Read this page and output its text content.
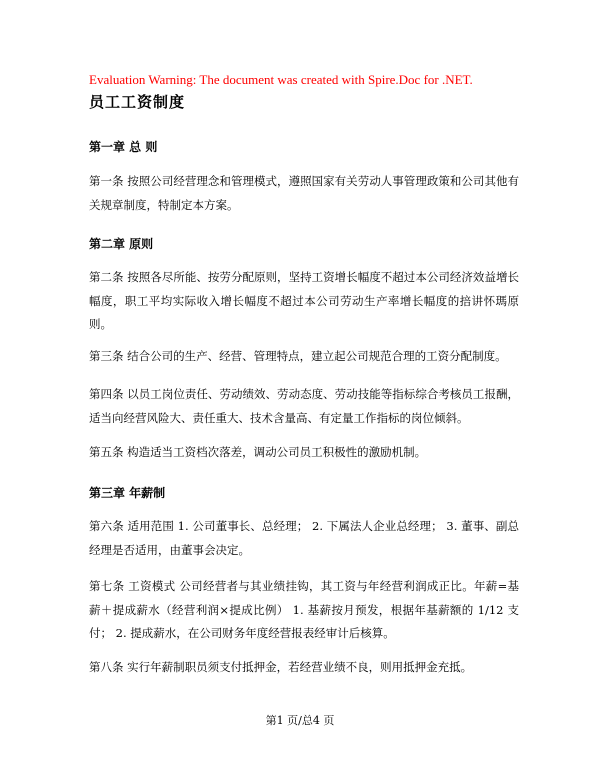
Evaluation Warning: The document was created with Spire.Doc for .NET.
员工工资制度
第一章 总 则

第一条 按照公司经营理念和管理模式，遵照国家有关劳动人事管理政策和公司其他有关规章制度，特制定本方案。

第二章 原则

第二条 按照各尽所能、按劳分配原则，坚持工资增长幅度不超过本公司经济效益增长幅度，职工平均实际收入增长幅度不超过本公司劳动生产率增长幅度的掊讲怀瑪原则。

第三条 结合公司的生产、经营、管理特点，建立起公司规范合理的工资分配制度。

第四条 以员工岗位责任、劳动绩效、劳动态度、劳动技能等指标综合考核员工报酬，适当向经营风险大、责任重大、技术含量高、有定量工作指标的岗位倾斜。

第五条 构造适当工资档次落差，调动公司员工积极性的激励机制。

第三章 年薪制

第六条 适用范围 1. 公司董事长、总经理； 2. 下属法人企业总经理； 3. 董事、副总经理是否适用，由董事会决定。

第七条 工资模式 公司经营者与其业绩挂钩，其工资与年经营利润成正比。年薪=基薪＋提成薪水（经营利润×提成比例） 1. 基薪按月预发，根据年基薪额的 1/12 支付； 2. 提成薪水，在公司财务年度经营报表经审计后核算。

第八条 实行年薪制职员须支付抵押金，若经营业绩不良，则用抵押金充抵。

第1 页/总4 页
